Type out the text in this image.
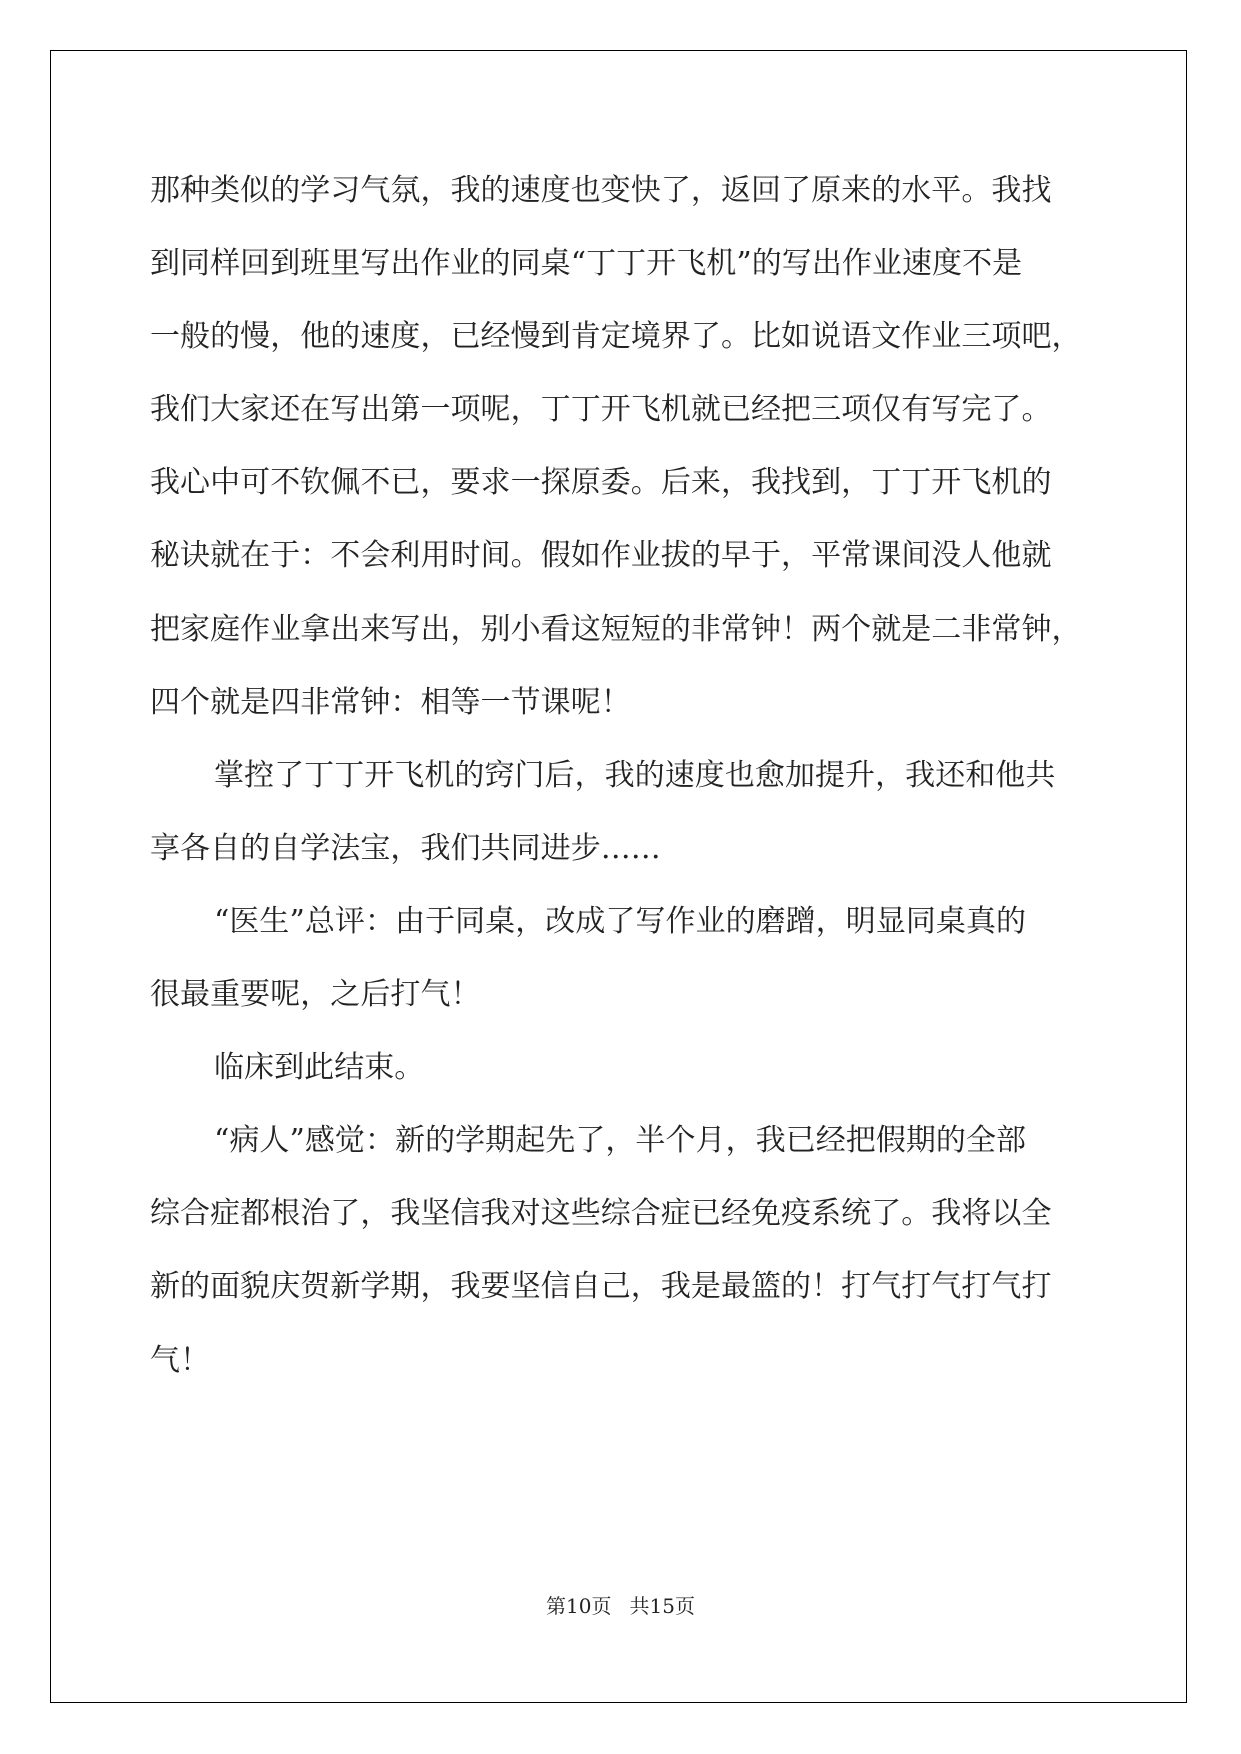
那种类似的学习气氛，我的速度也变快了，返回了原来的水平。我找
到同样回到班里写出作业的同桌“丁丁开飞机”的写出作业速度不是
一般的慢，他的速度，已经慢到肯定境界了。比如说语文作业三项吧，
我们大家还在写出第一项呢，丁丁开飞机就已经把三项仅有写完了。
我心中可不钦佩不已，要求一探原委。后来，我找到，丁丁开飞机的
秘诀就在于：不会利用时间。假如作业拔的早于，平常课间没人他就
把家庭作业拿出来写出，别小看这短短的非常钟！两个就是二非常钟，
四个就是四非常钟：相等一节课呢！
掌控了丁丁开飞机的窍门后，我的速度也愈加提升，我还和他共
享各自的自学法宝，我们共同进步……
“医生”总评：由于同桌，改成了写作业的磨蹭，明显同桌真的
很最重要呢，之后打气！
临床到此结束。
“病人”感觉：新的学期起先了，半个月，我已经把假期的全部
综合症都根治了，我坚信我对这些综合症已经免疫系统了。我将以全
新的面貌庆贺新学期，我要坚信自己，我是最篮的！打气打气打气打
气！
第10页 共15页
